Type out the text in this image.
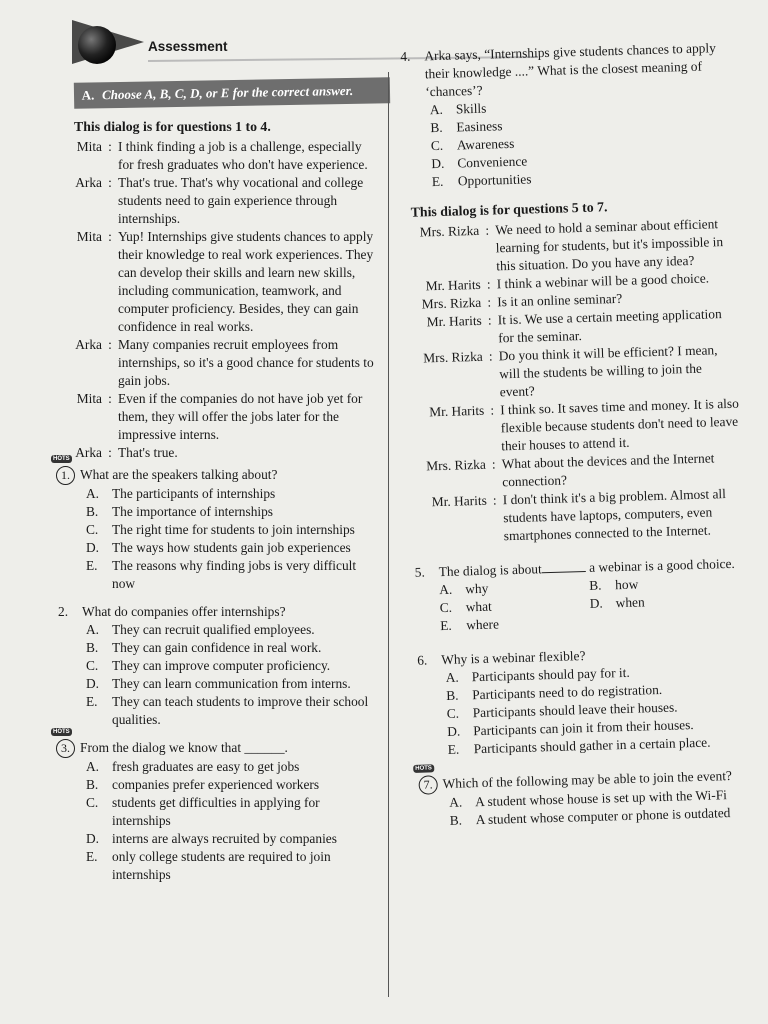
Assessment
A. Choose A, B, C, D, or E for the correct answer.
This dialog is for questions 1 to 4.
Mita : I think finding a job is a challenge, especially for fresh graduates who don't have experience.
Arka : That's true. That's why vocational and college students need to gain experience through internships.
Mita : Yup! Internships give students chances to apply their knowledge to real work experiences. They can develop their skills and learn new skills, including communication, teamwork, and computer proficiency. Besides, they can gain confidence in real works.
Arka : Many companies recruit employees from internships, so it's a good chance for students to gain jobs.
Mita : Even if the companies do not have job yet for them, they will offer the jobs later for the impressive interns.
Arka : That's true.
1.
HOTS
What are the speakers talking about?
A. The participants of internships
B.	The importance of internships
C.	The right time for students to join internships
D. The ways how students gain job experiences
E.	The reasons why finding jobs is very difficult now
2.	What do companies offer internships?
A. They can recruit qualified employees.
B.	They can gain confidence in real work.
C.	They can improve computer proficiency.
D. They can learn communication from interns.
E.	They can teach students to improve their school qualities.
3.
HOTS
From the dialog we know that ______.
A. fresh graduates are easy to get jobs
B.	companies prefer experienced workers
C.	students get difficulties in applying for internships
D. interns are always recruited by companies
E.	only college students are required to join internships
4.	Arka says, “Internships give students chances to apply their knowledge ....” What is the closest meaning of ‘chances’?
A. Skills
B. Easiness
C. Awareness
D. Convenience
E.	Opportunities
This dialog is for questions 5 to 7.
Mrs. Rizka : We need to hold a seminar about efficient learning for students, but it's impossible in this situation. Do you have any idea?
Mr. Harits : I think a webinar will be a good choice.
Mrs. Rizka : Is it an online seminar?
Mr. Harits : It is. We use a certain meeting application for the seminar.
Mrs. Rizka : Do you think it will be efficient? I mean, will the students be willing to join the event?
Mr. Harits : I think so. It saves time and money. It is also flexible because students don't need to leave their houses to attend it.
Mrs. Rizka : What about the devices and the Internet connection?
Mr. Harits : I don't think it's a big problem. Almost all students have laptops, computers, even smartphones connected to the Internet.
5.	The dialog is about	a webinar is a good choice.
A. why	B. how
C. what	D. when
E.	where
6.	Why is a webinar flexible?
A. Participants should pay for it.
B. Participants need to do registration.
C. Participants should leave their houses.
D. Participants can join it from their houses.
E.	Participants should gather in a certain place.
7.
HOTS Which of the following may be able to join the event?
A. A student whose house is set up with the Wi-Fi
B. A student whose computer or phone is outdated
